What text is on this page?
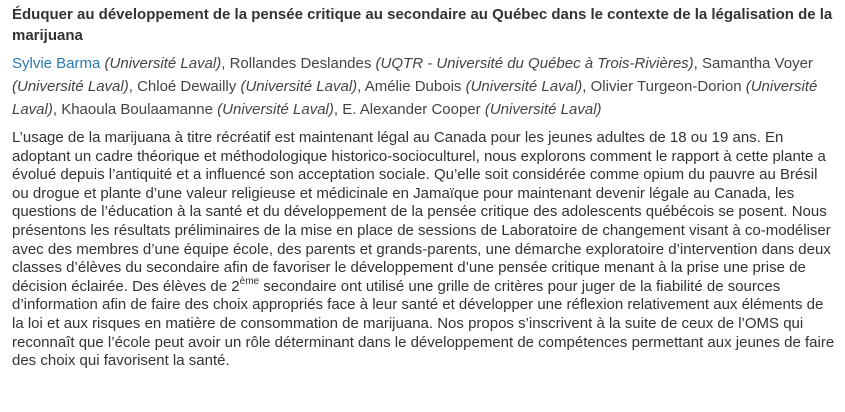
Éduquer au développement de la pensée critique au secondaire au Québec dans le contexte de la légalisation de la marijuana

Sylvie Barma (Université Laval), Rollandes Deslandes (UQTR - Université du Québec à Trois-Rivières), Samantha Voyer (Université Laval), Chloé Dewailly (Université Laval), Amélie Dubois (Université Laval), Olivier Turgeon-Dorion (Université Laval), Khaoula Boulaamanne (Université Laval), E. Alexander Cooper (Université Laval)

L’usage de la marijuana à titre récréatif est maintenant légal au Canada pour les jeunes adultes de 18 ou 19 ans. En adoptant un cadre théorique et méthodologique historico-socioculturel, nous explorons comment le rapport à cette plante a évolué depuis l’antiquité et a influencé son acceptation sociale. Qu’elle soit considérée comme opium du pauvre au Brésil ou drogue et plante d’une valeur religieuse et médicinale en Jamaïque pour maintenant devenir légale au Canada, les questions de l’éducation à la santé et du développement de la pensée critique des adolescents québécois se posent. Nous présentons les résultats préliminaires de la mise en place de sessions de Laboratoire de changement visant à co-modéliser avec des membres d’une équipe école, des parents et grands-parents, une démarche exploratoire d’intervention dans deux classes d’élèves du secondaire afin de favoriser le développement d’une pensée critique menant à la prise une prise de décision éclairée. Des élèves de 2ème secondaire ont utilisé une grille de critères pour juger de la fiabilité de sources d’information afin de faire des choix appropriés face à leur santé et développer une réflexion relativement aux éléments de la loi et aux risques en matière de consommation de marijuana. Nos propos s’inscrivent à la suite de ceux de l’OMS qui reconnaît que l’école peut avoir un rôle déterminant dans le développement de compétences permettant aux jeunes de faire des choix qui favorisent la santé.
